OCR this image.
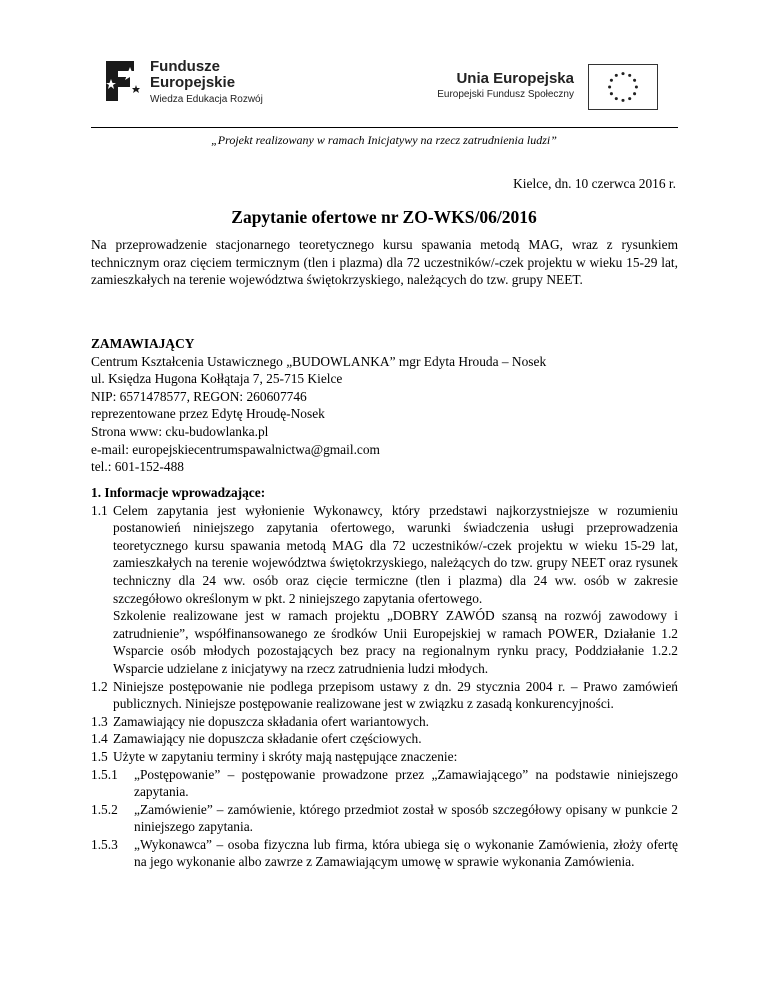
Fundusze
Europejskie
Wiedza Edukacja Rozwój
Unia Europejska
Europejski Fundusz Społeczny
„Projekt realizowany w ramach Inicjatywy na rzecz zatrudnienia ludzi”
Kielce, dn. 10 czerwca 2016 r.
Zapytanie ofertowe nr ZO-WKS/06/2016
Na przeprowadzenie stacjonarnego teoretycznego kursu spawania metodą MAG, wraz z rysunkiem technicznym oraz cięciem termicznym (tlen i plazma) dla 72 uczestników/-czek projektu w wieku 15-29 lat, zamieszkałych na terenie województwa świętokrzyskiego, należących do tzw. grupy NEET.
ZAMAWIAJĄCY
Centrum Kształcenia Ustawicznego „BUDOWLANKA” mgr Edyta Hrouda – Nosek
ul. Księdza Hugona Kołłątaja 7, 25-715 Kielce
NIP: 6571478577, REGON: 260607746
reprezentowane przez Edytę Hroudę-Nosek
Strona www: cku-budowlanka.pl
e-mail: europejskiecentrumspawalnictwa@gmail.com
tel.: 601-152-488
1. Informacje wprowadzające:
1.1 Celem zapytania jest wyłonienie Wykonawcy, który przedstawi najkorzystniejsze w rozumieniu postanowień niniejszego zapytania ofertowego, warunki świadczenia usługi przeprowadzenia teoretycznego kursu spawania metodą MAG dla 72 uczestników/-czek projektu w wieku 15-29 lat, zamieszkałych na terenie województwa świętokrzyskiego, należących do tzw. grupy NEET oraz rysunek techniczny dla 24 ww. osób oraz cięcie termiczne (tlen i plazma) dla 24 ww. osób w zakresie szczegółowo określonym w pkt. 2 niniejszego zapytania ofertowego.
Szkolenie realizowane jest w ramach projektu „DOBRY ZAWÓD szansą na rozwój zawodowy i zatrudnienie”, współfinansowanego ze środków Unii Europejskiej w ramach POWER, Działanie 1.2 Wsparcie osób młodych pozostających bez pracy na regionalnym rynku pracy, Poddziałanie 1.2.2 Wsparcie udzielane z inicjatywy na rzecz zatrudnienia ludzi młodych.
1.2 Niniejsze postępowanie nie podlega przepisom ustawy z dn. 29 stycznia 2004 r. – Prawo zamówień publicznych. Niniejsze postępowanie realizowane jest w związku z zasadą konkurencyjności.
1.3 Zamawiający nie dopuszcza składania ofert wariantowych.
1.4 Zamawiający nie dopuszcza składanie ofert częściowych.
1.5 Użyte w zapytaniu terminy i skróty mają następujące znaczenie:
1.5.1	„Postępowanie” – postępowanie prowadzone przez „Zamawiającego” na podstawie niniejszego zapytania.
1.5.2	„Zamówienie” – zamówienie, którego przedmiot został w sposób szczegółowy opisany w punkcie 2 niniejszego zapytania.
1.5.3	„Wykonawca” – osoba fizyczna lub firma, która ubiega się o wykonanie Zamówienia, złoży ofertę na jego wykonanie albo zawrze z Zamawiającym umowę w sprawie wykonania Zamówienia.
